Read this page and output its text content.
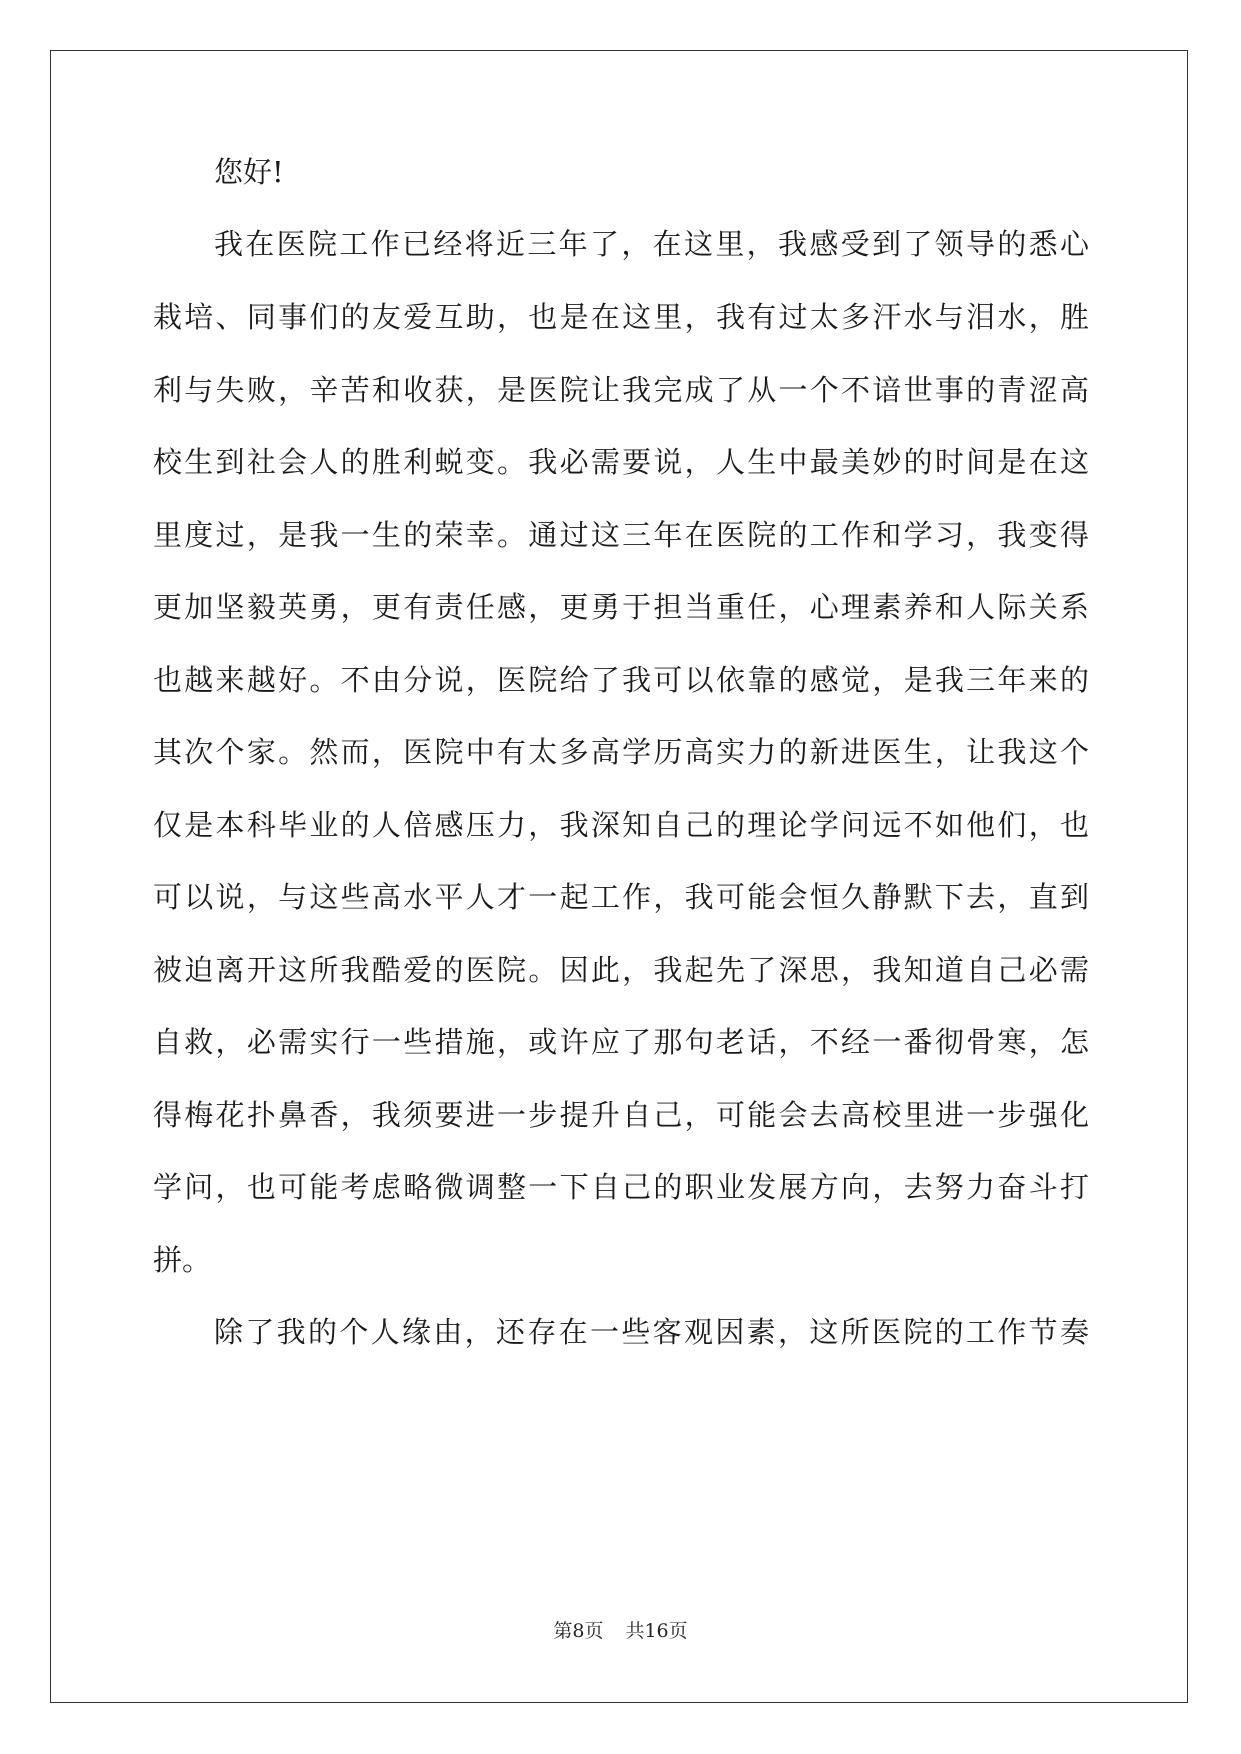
您好!
我在医院工作已经将近三年了，在这里，我感受到了领导的悉心
栽培、同事们的友爱互助，也是在这里，我有过太多汗水与泪水，胜
利与失败，辛苦和收获，是医院让我完成了从一个不谙世事的青涩高
校生到社会人的胜利蜕变。我必需要说，人生中最美妙的时间是在这
里度过，是我一生的荣幸。通过这三年在医院的工作和学习，我变得
更加坚毅英勇，更有责任感，更勇于担当重任，心理素养和人际关系
也越来越好。不由分说，医院给了我可以依靠的感觉，是我三年来的
其次个家。然而，医院中有太多高学历高实力的新进医生，让我这个
仅是本科毕业的人倍感压力，我深知自己的理论学问远不如他们，也
可以说，与这些高水平人才一起工作，我可能会恒久静默下去，直到
被迫离开这所我酷爱的医院。因此，我起先了深思，我知道自己必需
自救，必需实行一些措施，或许应了那句老话，不经一番彻骨寒，怎
得梅花扑鼻香，我须要进一步提升自己，可能会去高校里进一步强化
学问，也可能考虑略微调整一下自己的职业发展方向，去努力奋斗打
拼。
除了我的个人缘由，还存在一些客观因素，这所医院的工作节奏
第8页 共16页
